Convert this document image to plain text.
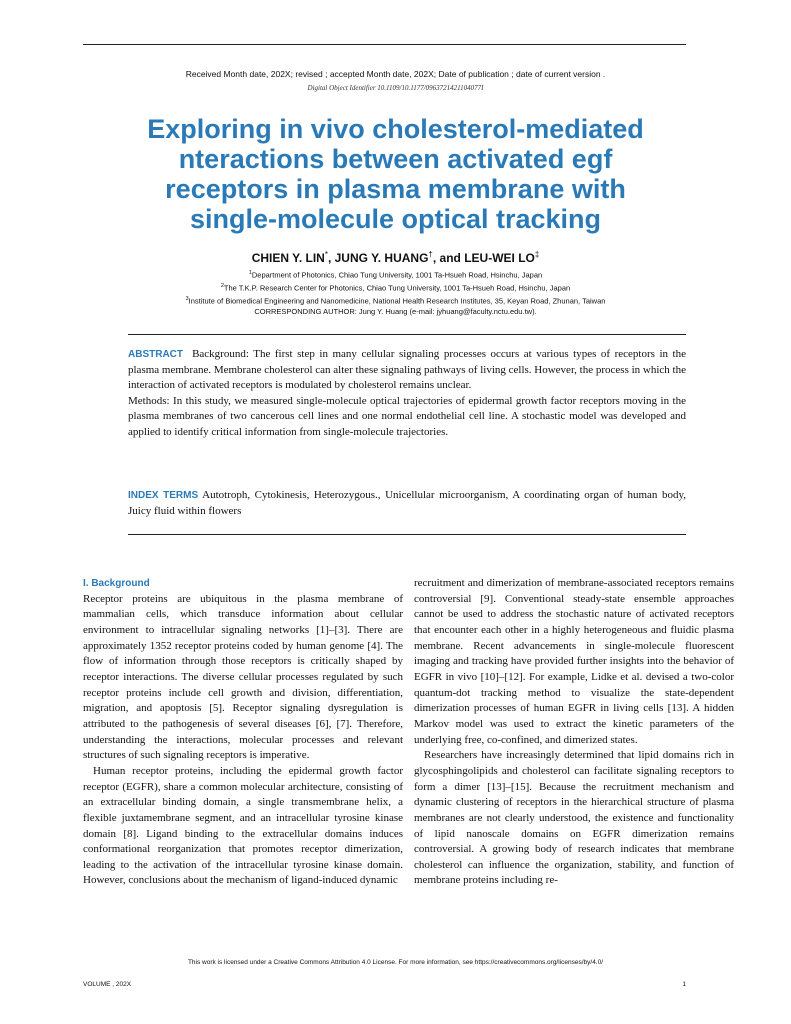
Received Month date, 202X; revised ; accepted Month date, 202X; Date of publication ; date of current version .
Digital Object Identifier 10.1109/10.1177/0963721421104077I
Exploring in vivo cholesterol-mediated nteractions between activated egf receptors in plasma membrane with single-molecule optical tracking
CHIEN Y. LIN*, JUNG Y. HUANG†, and LEU-WEI LO‡
$^1$Department of Photonics, Chiao Tung University, 1001 Ta-Hsueh Road, Hsinchu, Japan
$^2$The T.K.P. Research Center for Photonics, Chiao Tung University, 1001 Ta-Hsueh Road, Hsinchu, Japan
$^3$Institute of Biomedical Engineering and Nanomedicine, National Health Research Institutes, 35, Keyan Road, Zhunan, Taiwan
CORRESPONDING AUTHOR: Jung Y. Huang (e-mail: jyhuang@faculty.nctu.edu.tw).
ABSTRACT Background: The first step in many cellular signaling processes occurs at various types of receptors in the plasma membrane. Membrane cholesterol can alter these signaling pathways of living cells. However, the process in which the interaction of activated receptors is modulated by cholesterol remains unclear.
Methods: In this study, we measured single-molecule optical trajectories of epidermal growth factor receptors moving in the plasma membranes of two cancerous cell lines and one normal endothelial cell line. A stochastic model was developed and applied to identify critical information from single-molecule trajectories.
INDEX TERMS Autotroph, Cytokinesis, Heterozygous., Unicellular microorganism, A coordinating organ of human body, Juicy fluid within flowers
I. Background

Receptor proteins are ubiquitous in the plasma membrane of mammalian cells, which transduce information about cellular environment to intracellular signaling networks [1]–[3]. There are approximately 1352 receptor proteins coded by human genome [4]. The flow of information through those receptors is critically shaped by receptor interactions. The diverse cellular processes regulated by such receptor proteins include cell growth and division, differentiation, migration, and apoptosis [5]. Receptor signaling dysregulation is attributed to the pathogenesis of several diseases [6], [7]. Therefore, understanding the interactions, molecular processes and relevant structures of such signaling receptors is imperative.

Human receptor proteins, including the epidermal growth factor receptor (EGFR), share a common molecular architecture, consisting of an extracellular binding domain, a single transmembrane helix, a flexible juxtamembrane segment, and an intracellular tyrosine kinase domain [8]. Ligand binding to the extracellular domains induces conformational reorganization that promotes receptor dimerization, leading to the activation of the intracellular tyrosine kinase domain. However, conclusions about the mechanism of ligand-induced dynamic

recruitment and dimerization of membrane-associated receptors remains controversial [9]. Conventional steady-state ensemble approaches cannot be used to address the stochastic nature of activated receptors that encounter each other in a highly heterogeneous and fluidic plasma membrane. Recent advancements in single-molecule fluorescent imaging and tracking have provided further insights into the behavior of EGFR in vivo [10]–[12]. For example, Lidke et al. devised a two-color quantum-dot tracking method to visualize the state-dependent dimerization processes of human EGFR in living cells [13]. A hidden Markov model was used to extract the kinetic parameters of the underlying free, co-confined, and dimerized states.

Researchers have increasingly determined that lipid domains rich in glycosphingolipids and cholesterol can facilitate signaling receptors to form a dimer [13]–[15]. Because the recruitment mechanism and dynamic clustering of receptors in the hierarchical structure of plasma membranes are not clearly understood, the existence and functionality of lipid nanoscale domains on EGFR dimerization remains controversial. A growing body of research indicates that membrane cholesterol can influence the organization, stability, and function of membrane proteins including re-

This work is licensed under a Creative Commons Attribution 4.0 License. For more information, see https://creativecommons.org/licenses/by/4.0/
VOLUME , 202X	1
